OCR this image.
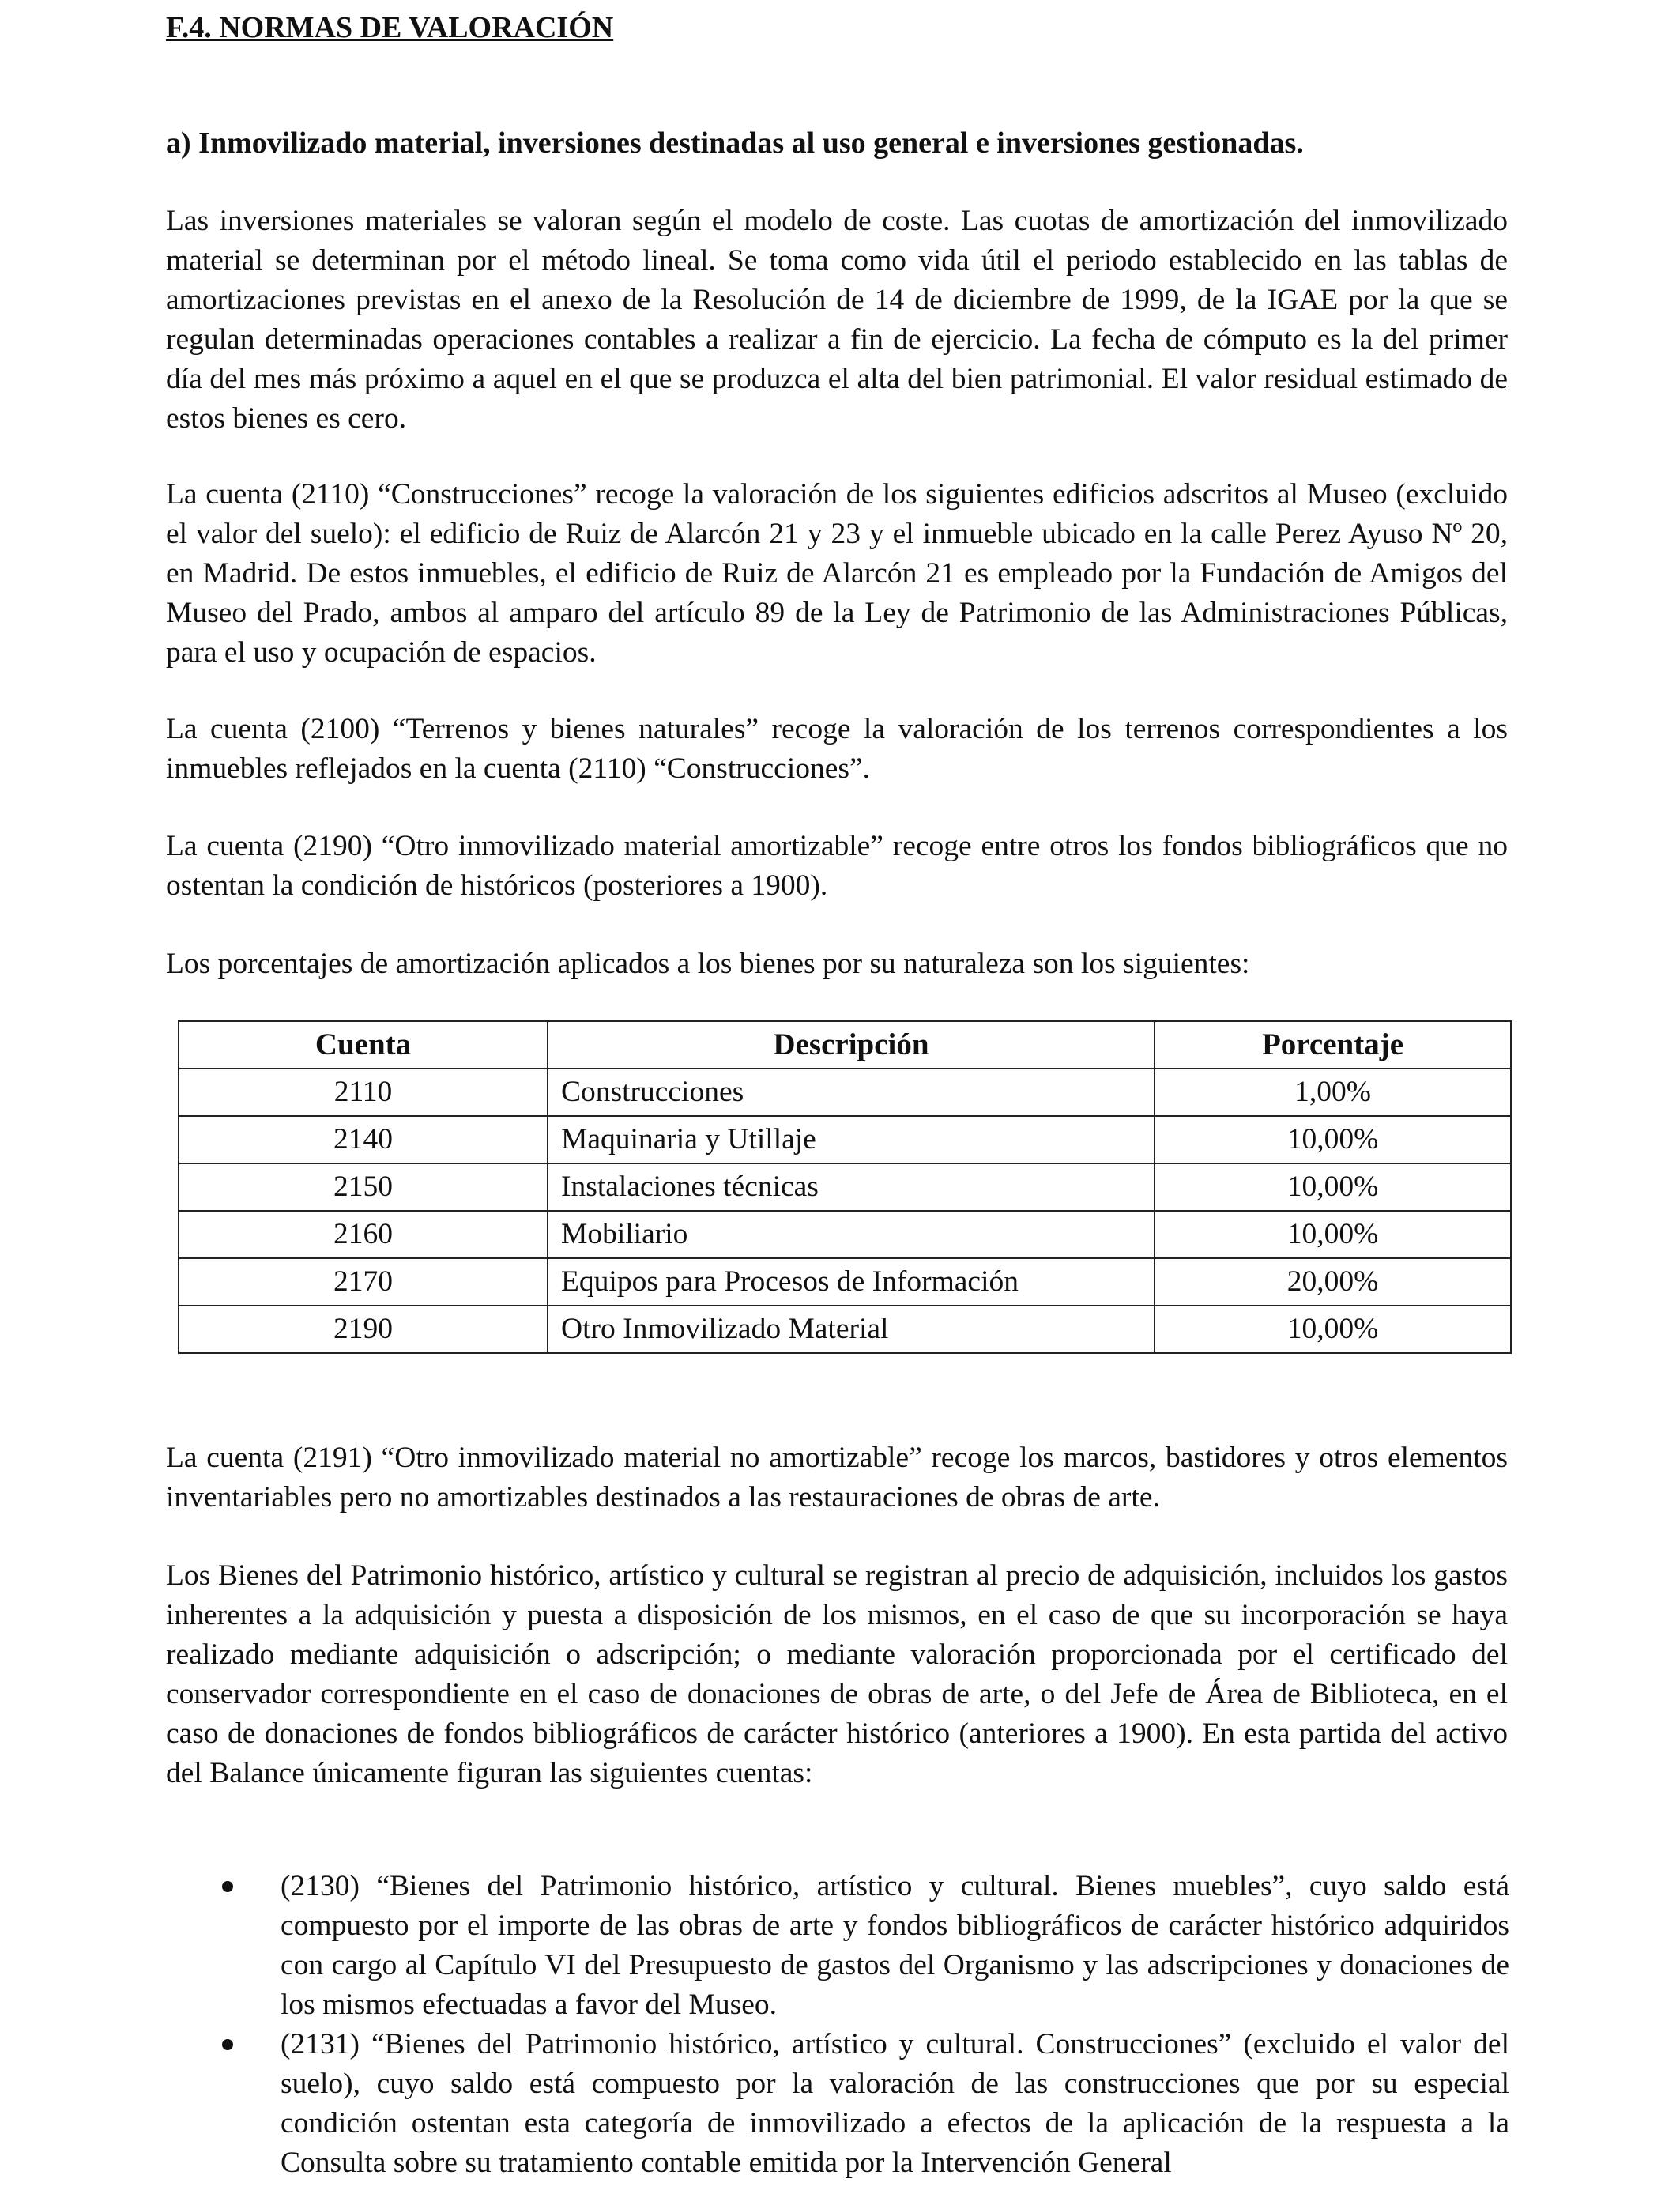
F.4. NORMAS DE VALORACIÓN
a) Inmovilizado material, inversiones destinadas al uso general e inversiones gestionadas.

Las inversiones materiales se valoran según el modelo de coste. Las cuotas de amortización del inmovilizado material se determinan por el método lineal. Se toma como vida útil el periodo establecido en las tablas de amortizaciones previstas en el anexo de la Resolución de 14 de diciembre de 1999, de la IGAE por la que se regulan determinadas operaciones contables a realizar a fin de ejercicio. La fecha de cómputo es la del primer día del mes más próximo a aquel en el que se produzca el alta del bien patrimonial. El valor residual estimado de estos bienes es cero.

La cuenta (2110) “Construcciones” recoge la valoración de los siguientes edificios adscritos al Museo (excluido el valor del suelo): el edificio de Ruiz de Alarcón 21 y 23 y el inmueble ubicado en la calle Perez Ayuso Nº 20, en Madrid. De estos inmuebles, el edificio de Ruiz de Alarcón 21 es empleado por la Fundación de Amigos del Museo del Prado, ambos al amparo del artículo 89 de la Ley de Patrimonio de las Administraciones Públicas, para el uso y ocupación de espacios.

La cuenta (2100) “Terrenos y bienes naturales” recoge la valoración de los terrenos correspondientes a los inmuebles reflejados en la cuenta (2110) “Construcciones”.

La cuenta (2190) “Otro inmovilizado material amortizable” recoge entre otros los fondos bibliográficos que no ostentan la condición de históricos (posteriores a 1900).

Los porcentajes de amortización aplicados a los bienes por su naturaleza son los siguientes:

Cuenta	Descripción	Porcentaje
2110	Construcciones	1,00%
2140	Maquinaria y Utillaje	10,00%
2150	Instalaciones técnicas	10,00%
2160	Mobiliario	10,00%
2170	Equipos para Procesos de Información	20,00%
2190	Otro Inmovilizado Material	10,00%

La cuenta (2191) “Otro inmovilizado material no amortizable” recoge los marcos, bastidores y otros elementos inventariables pero no amortizables destinados a las restauraciones de obras de arte.

Los Bienes del Patrimonio histórico, artístico y cultural se registran al precio de adquisición, incluidos los gastos inherentes a la adquisición y puesta a disposición de los mismos, en el caso de que su incorporación se haya realizado mediante adquisición o adscripción; o mediante valoración proporcionada por el certificado del conservador correspondiente en el caso de donaciones de obras de arte, o del Jefe de Área de Biblioteca, en el caso de donaciones de fondos bibliográficos de carácter histórico (anteriores a 1900). En esta partida del activo del Balance únicamente figuran las siguientes cuentas:

(2130) “Bienes del Patrimonio histórico, artístico y cultural. Bienes muebles”, cuyo saldo está compuesto por el importe de las obras de arte y fondos bibliográficos de carácter histórico adquiridos con cargo al Capítulo VI del Presupuesto de gastos del Organismo y las adscripciones y donaciones de los mismos efectuadas a favor del Museo.
(2131) “Bienes del Patrimonio histórico, artístico y cultural. Construcciones” (excluido el valor del suelo), cuyo saldo está compuesto por la valoración de las construcciones que por su especial condición ostentan esta categoría de inmovilizado a efectos de la aplicación de la respuesta a la Consulta sobre su tratamiento contable emitida por la Intervención General
